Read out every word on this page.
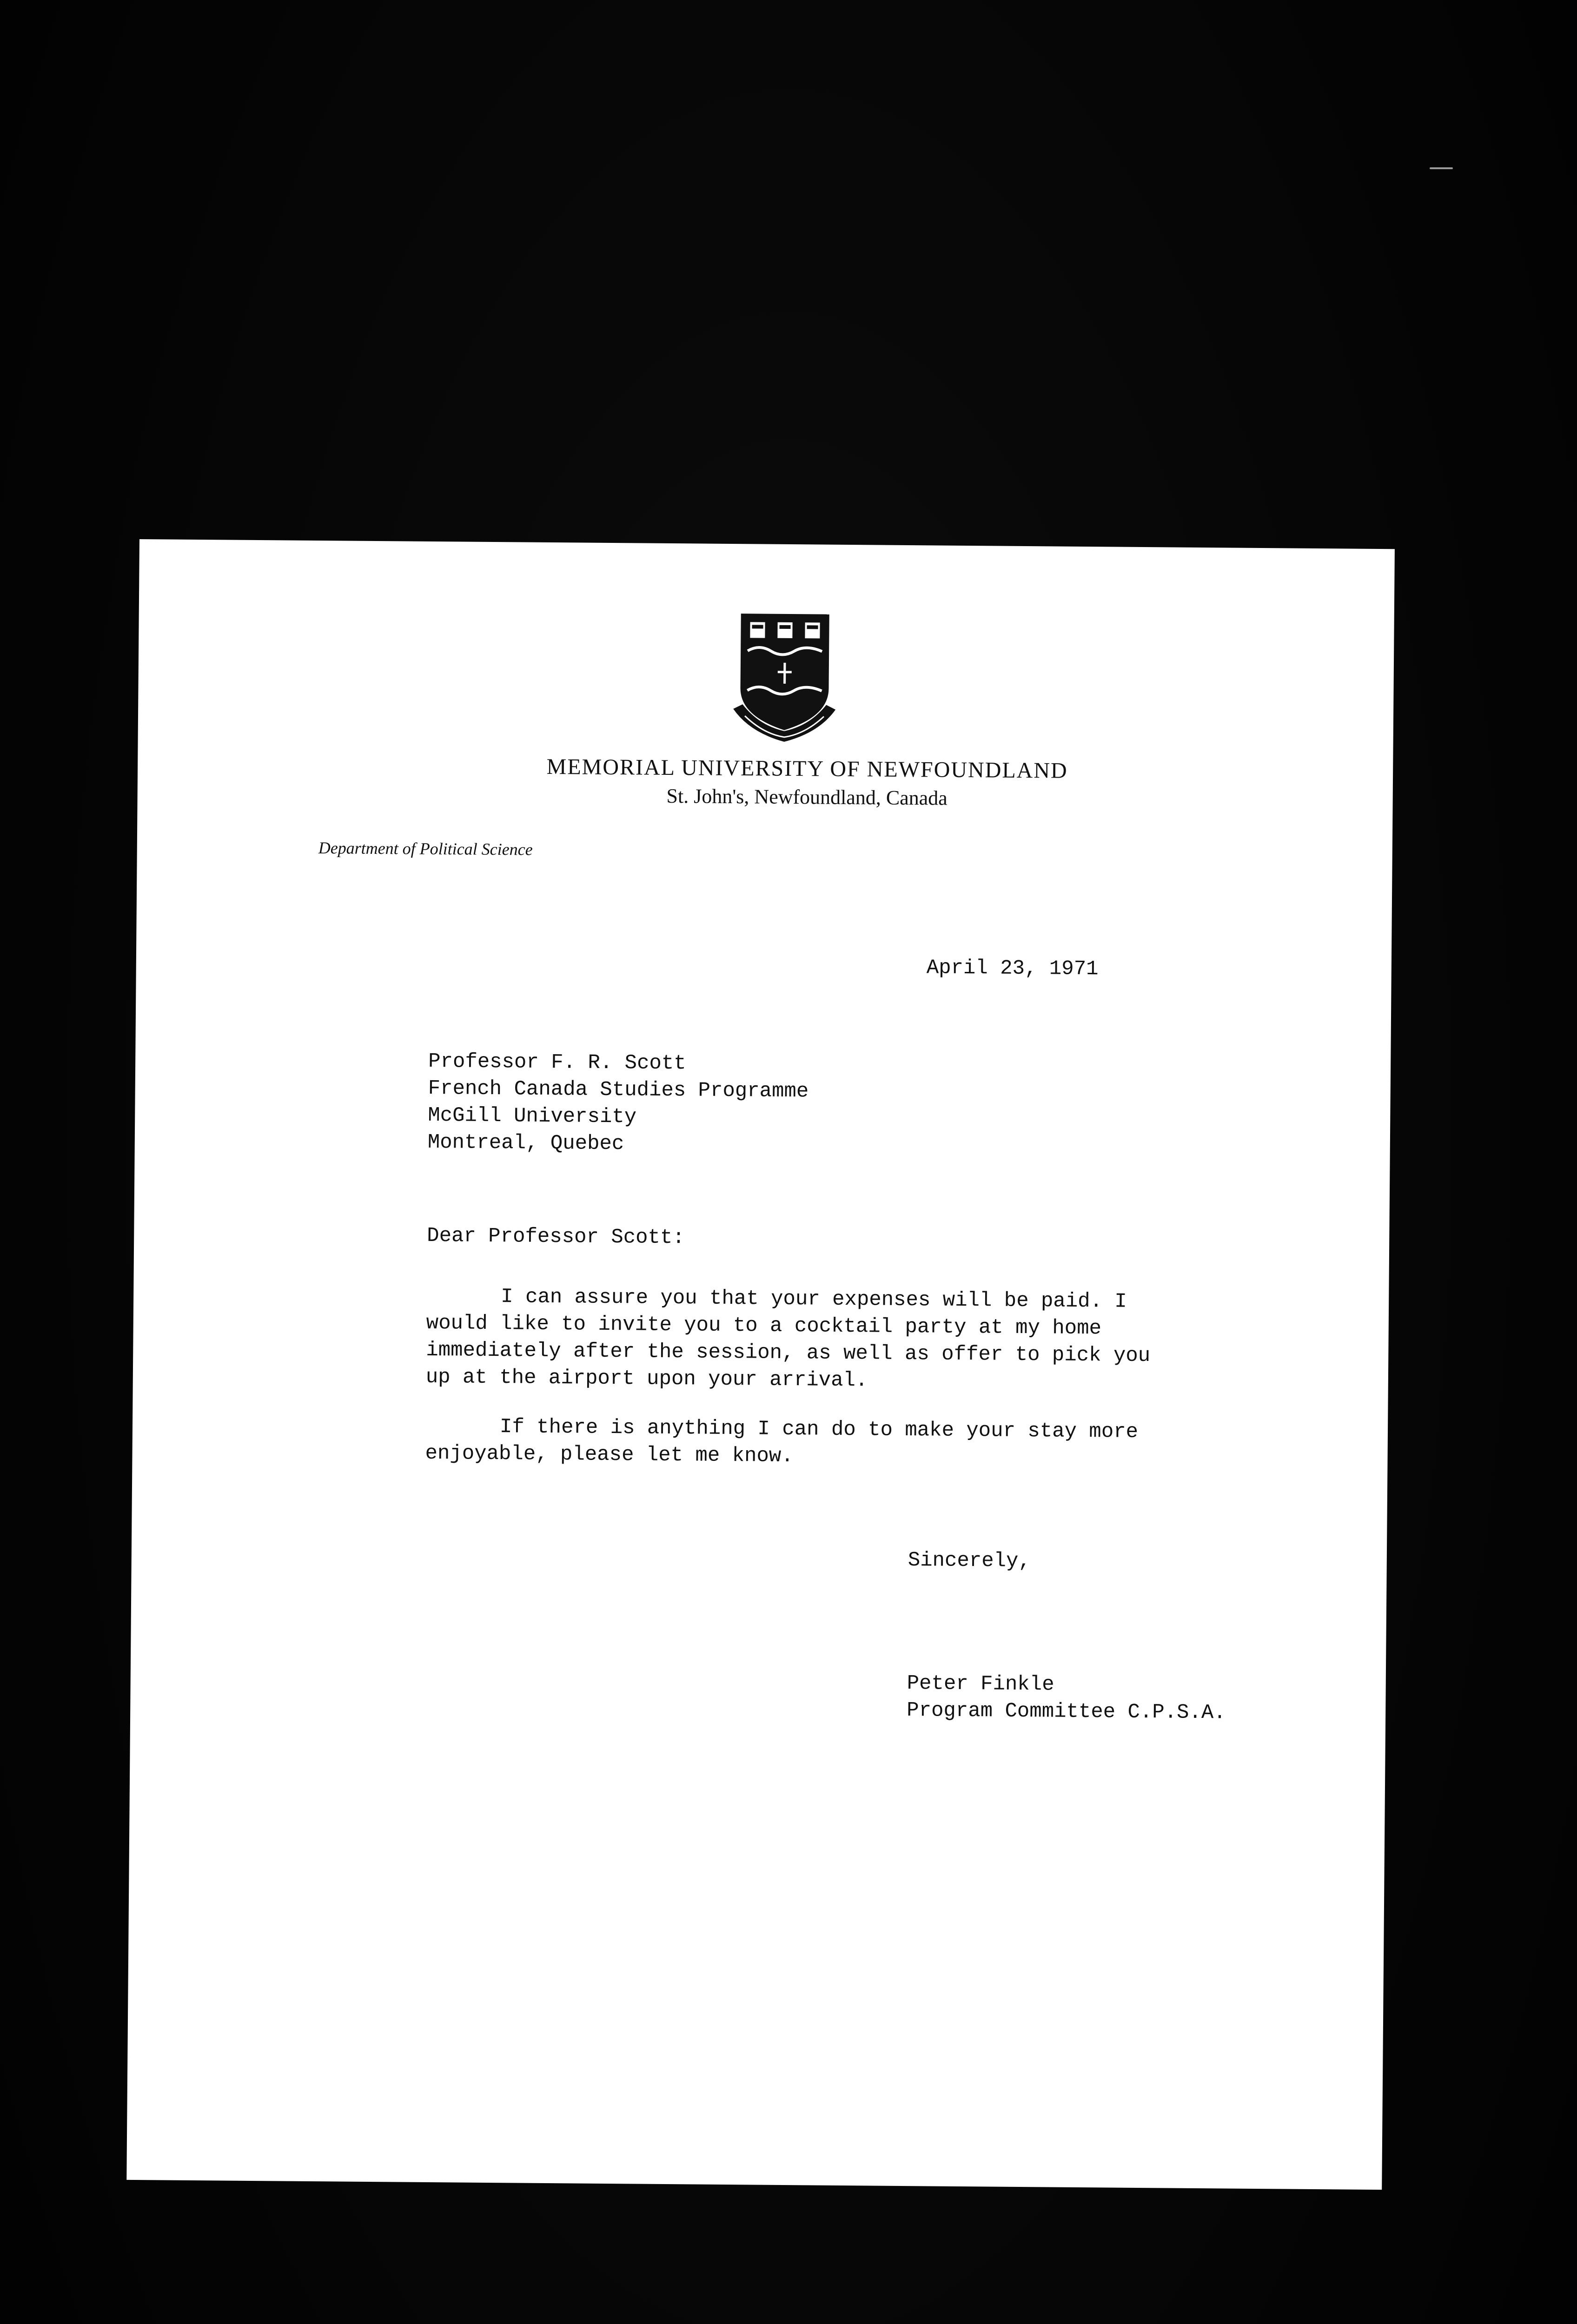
MEMORIAL UNIVERSITY OF NEWFOUNDLAND
St. John's, Newfoundland, Canada
Department of Political Science
April 23, 1971
Professor F. R. Scott
French Canada Studies Programme
McGill University
Montreal, Quebec
Dear Professor Scott:

I can assure you that your expenses will be paid. I would like to invite you to a cocktail party at my home immediately after the session, as well as offer to pick you up at the airport upon your arrival.

If there is anything I can do to make your stay more enjoyable, please let me know.

Sincerely,
Peter Finkle
Program Committee C.P.S.A.
